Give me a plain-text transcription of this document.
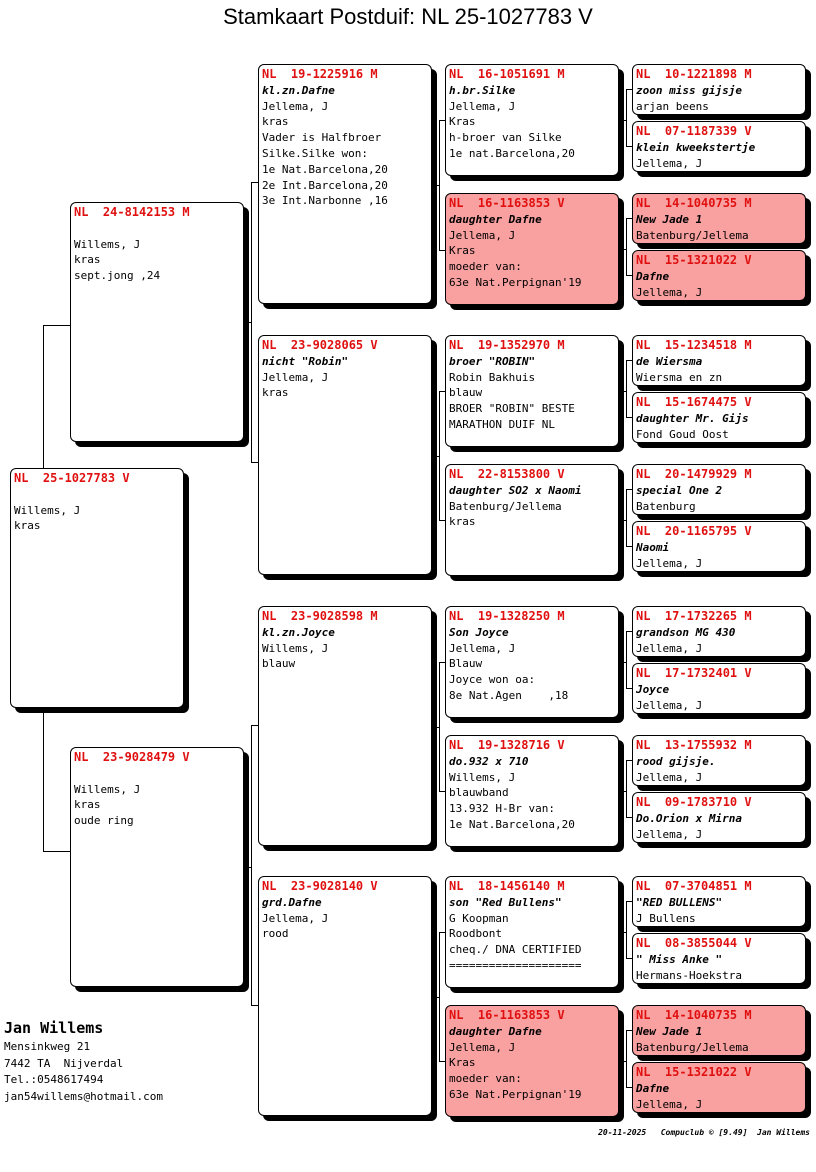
Stamkaart Postduif: NL 25-1027783 V
NL  25-1027783 V

Willems, J
kras
NL  24-8142153 M

Willems, J
kras
sept.jong ,24
NL  23-9028479 V

Willems, J
kras
oude ring
NL  19-1225916 M
kl.zn.Dafne
Jellema, J
kras
Vader is Halfbroer
Silke.Silke won:
1e Nat.Barcelona,20
2e Int.Barcelona,20
3e Int.Narbonne ,16
NL  23-9028065 V
nicht "Robin"
Jellema, J
kras
NL  23-9028598 M
kl.zn.Joyce
Willems, J
blauw
NL  23-9028140 V
grd.Dafne
Jellema, J
rood
NL  16-1051691 M
h.br.Silke
Jellema, J
Kras
h-broer van Silke
1e nat.Barcelona,20
NL  16-1163853 V
daughter Dafne
Jellema, J
Kras
moeder van:
63e Nat.Perpignan'19
NL  19-1352970 M
broer "ROBIN"
Robin Bakhuis
blauw
BROER "ROBIN" BESTE
MARATHON DUIF NL
NL  22-8153800 V
daughter SO2 x Naomi
Batenburg/Jellema
kras
NL  19-1328250 M
Son Joyce
Jellema, J
Blauw
Joyce won oa:
8e Nat.Agen    ,18
NL  19-1328716 V
do.932 x 710
Willems, J
blauwband
13.932 H-Br van:
1e Nat.Barcelona,20
NL  18-1456140 M
son "Red Bullens"
G Koopman
Roodbont
cheq./ DNA CERTIFIED
====================
NL  16-1163853 V
daughter Dafne
Jellema, J
Kras
moeder van:
63e Nat.Perpignan'19
NL  10-1221898 M
zoon miss gijsje
arjan beens
NL  07-1187339 V
klein kweekstertje
Jellema, J
NL  14-1040735 M
New Jade 1
Batenburg/Jellema
NL  15-1321022 V
Dafne
Jellema, J
NL  15-1234518 M
de Wiersma
Wiersma en zn
NL  15-1674475 V
daughter Mr. Gijs
Fond Goud Oost
NL  20-1479929 M
special One 2
Batenburg
NL  20-1165795 V
Naomi
Jellema, J
NL  17-1732265 M
grandson MG 430
Jellema, J
NL  17-1732401 V
Joyce
Jellema, J
NL  13-1755932 M
rood gijsje.
Jellema, J
NL  09-1783710 V
Do.Orion x Mirna
Jellema, J
NL  07-3704851 M
"RED BULLENS"
J Bullens
NL  08-3855044 V
" Miss Anke "
Hermans-Hoekstra
NL  14-1040735 M
New Jade 1
Batenburg/Jellema
NL  15-1321022 V
Dafne
Jellema, J
Jan Willems
Mensinkweg 21
7442 TA  Nijverdal
Tel.:0548617494
jan54willems@hotmail.com
20-11-2025   Compuclub © [9.49]  Jan Willems
